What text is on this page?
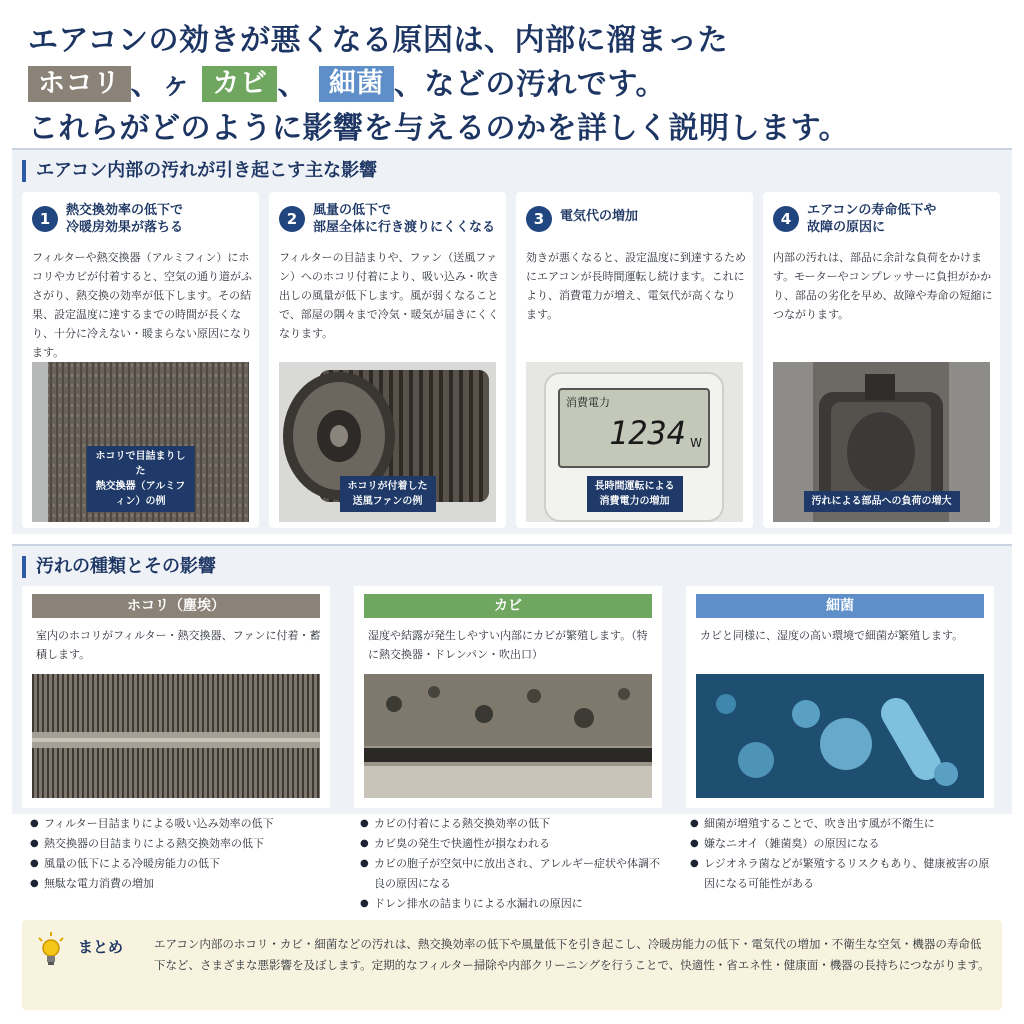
エアコンの効きが悪くなる原因は、内部に溜まった
ホコリ 、ヶ カビ 、 細菌 、などの汚れです。
これらがどのように影響を与えるのかを詳しく説明します。
エアコン内部の汚れが引き起こす主な影響
1	熱交換効率の低下で
冷暖房効果が落ちる
フィルターや熱交換器（アルミフィン）にホコリやカビが付着すると、空気の通り道がふさがり、熱交換の効率が低下します。その結果、設定温度に達するまでの時間が長くなり、十分に冷えない・暖まらない原因になります。
ホコリで目詰まりした
熱交換器（アルミフィン）の例
2	風量の低下で
部屋全体に行き渡りにくくなる
フィルターの目詰まりや、ファン（送風ファン）へのホコリ付着により、吸い込み・吹き出しの風量が低下します。風が弱くなることで、部屋の隅々まで冷気・暖気が届きにくくなります。
ホコリが付着した
送風ファンの例
3	電気代の増加
効きが悪くなると、設定温度に到達するためにエアコンが長時間運転し続けます。これにより、消費電力が増え、電気代が高くなります。
消費電力
1234 W
長時間運転による
消費電力の増加
4	エアコンの寿命低下や
故障の原因に
内部の汚れは、部品に余計な負荷をかけます。モーターやコンプレッサーに負担がかかり、部品の劣化を早め、故障や寿命の短縮につながります。
汚れによる部品への負荷の増大
汚れの種類とその影響
ホコリ（塵埃）
室内のホコリがフィルター・熱交換器、ファンに付着・蓄積します。
カビ
湿度や結露が発生しやすい内部にカビが繁殖します。（特に熱交換器・ドレンパン・吹出口）
細菌
カビと同様に、湿度の高い環境で細菌が繁殖します。
● フィルター目詰まりによる吸い込み効率の低下
● 熱交換器の目詰まりによる熱交換効率の低下
● 風量の低下による冷暖房能力の低下
● 無駄な電力消費の増加
● カビの付着による熱交換効率の低下
● カビ臭の発生で快適性が損なわれる
● カビの胞子が空気中に放出され、アレルギー症状や体調不良の原因になる
● ドレン排水の詰まりによる水漏れの原因に
● 細菌が増殖することで、吹き出す風が不衛生に
● 嫌なニオイ（雑菌臭）の原因になる
● レジオネラ菌などが繁殖するリスクもあり、健康被害の原因になる可能性がある
まとめ	エアコン内部のホコリ・カビ・細菌などの汚れは、熱交換効率の低下や風量低下を引き起こし、冷暖房能力の低下・電気代の増加・不衛生な空気・機器の寿命低下など、さまざまな悪影響を及ぼします。定期的なフィルター掃除や内部クリーニングを行うことで、快適性・省エネ性・健康面・機器の長持ちにつながります。
